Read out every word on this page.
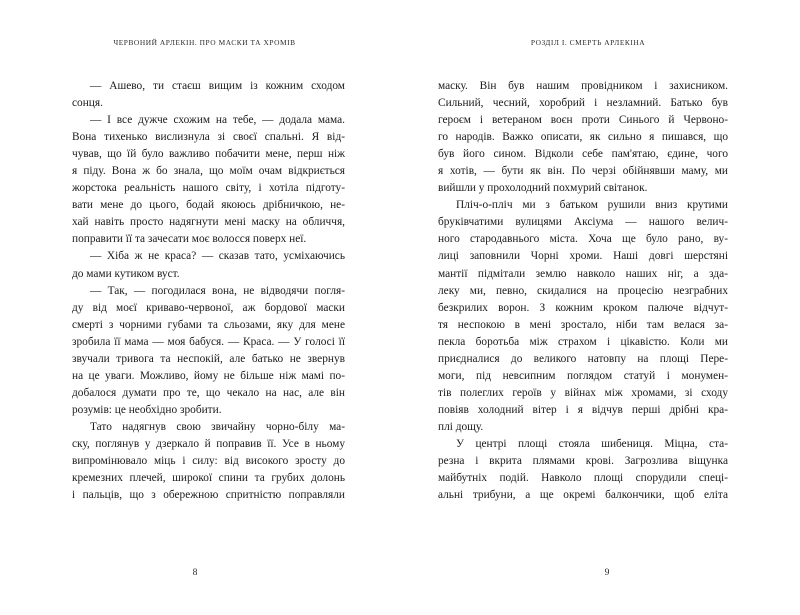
ЧЕРВОНИЙ АРЛЕКІН. ПРО МАСКИ ТА ХРОМІВ

— Ашево, ти стаєш вищим із кожним сходом
сонця.

— І все дужче схожим на тебе, — додала мама.

Вона тихенько вислизнула зі своєї спальні. Я від-
чував, що їй було важливо побачити мене, перш ніж
я піду. Вона ж бо знала, що моїм очам відкриється
жорстока реальність нашого світу, і хотіла підготу-
вати мене до цього, бодай якоюсь дрібничкою, не-
хай навіть просто надягнути мені маску на обличчя,
поправити її та зачесати моє волосся поверх неї.

— Хіба ж не краса? — сказав тато, усміхаючись
до мами кутиком вуст.

— Так, — погодилася вона, не відводячи погля-
ду від моєї криваво-червоної, аж бордової маски
смерті з чорними губами та сльозами, яку для мене
зробила її мама — моя бабуся. — Краса. — У голосі її
звучали тривога та неспокій, але батько не звернув
на це уваги. Можливо, йому не більше ніж мамі по-
добалося думати про те, що чекало на нас, але він
розумів: це необхідно зробити.

Тато надягнув свою звичайну чорно-білу ма-
ску, поглянув у дзеркало й поправив її. Усе в ньому
випромінювало міць і силу: від високого зросту до
кремезних плечей, широкої спини та грубих долонь
і пальців, що з обережною спритністю поправляли

8
РОЗДІЛ І. СМЕРТЬ АРЛЕКІНА

маску. Він був нашим провідником і захисником.
Сильний, чесний, хоробрий і незламний. Батько був
героєм і ветераном воєн проти Синього й Червоно-
го народів. Важко описати, як сильно я пишався, що
був його сином. Відколи себе пам'ятаю, єдине, чого
я хотів, — бути як він. По черзі обійнявши маму, ми
вийшли у прохолодний похмурий світанок.

Пліч-о-пліч ми з батьком рушили вниз крутими
бруківчатими вулицями Аксіума — нашого велич-
ного стародавнього міста. Хоча ще було рано, ву-
лиці заповнили Чорні хроми. Наші довгі шерстяні
мантії підмітали землю навколо наших ніг, а зда-
леку ми, певно, скидалися на процесію незграбних
безкрилих ворон. З кожним кроком палюче відчут-
тя неспокою в мені зростало, ніби там велася за-
пекла боротьба між страхом і цікавістю. Коли ми
приєдналися до великого натовпу на площі Пере-
моги, під невсипним поглядом статуй і монумен-
тів полеглих героїв у війнах між хромами, зі сходу
повіяв холодний вітер і я відчув перші дрібні кра-
плі дощу.

У центрі площі стояла шибениця. Міцна, ста-
резна і вкрита плямами крові. Загрозлива віщунка
майбутніх подій. Навколо площі спорудили спеці-
альні трибуни, а ще окремі балкончики, щоб еліта

9
